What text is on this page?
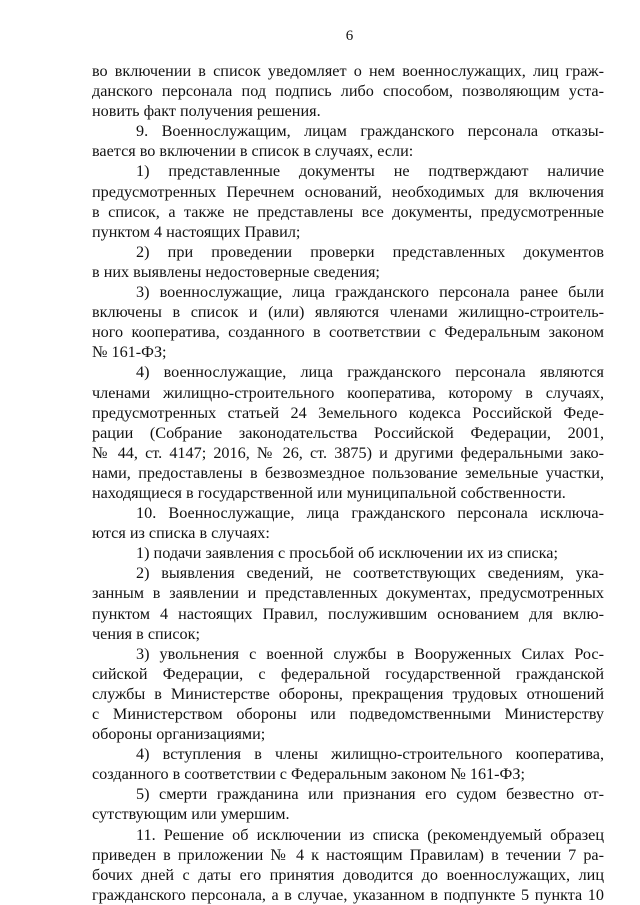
6
во включении в список уведомляет о нем военнослужащих, лиц граж-
данского персонала под подпись либо способом, позволяющим уста-
новить факт получения решения.
9. Военнослужащим, лицам гражданского персонала отказы-
вается во включении в список в случаях, если:
1) представленные документы не подтверждают наличие
предусмотренных Перечнем оснований, необходимых для включения
в список, а также не представлены все документы, предусмотренные
пунктом 4 настоящих Правил;
2) при проведении проверки представленных документов
в них выявлены недостоверные сведения;
3) военнослужащие, лица гражданского персонала ранее были
включены в список и (или) являются членами жилищно-строитель-
ного кооператива, созданного в соответствии с Федеральным законом
№ 161-ФЗ;
4) военнослужащие, лица гражданского персонала являются
членами жилищно-строительного кооператива, которому в случаях,
предусмотренных статьей 24 Земельного кодекса Российской Феде-
рации (Собрание законодательства Российской Федерации, 2001,
№ 44, ст. 4147; 2016, № 26, ст. 3875) и другими федеральными зако-
нами, предоставлены в безвозмездное пользование земельные участки,
находящиеся в государственной или муниципальной собственности.
10. Военнослужащие, лица гражданского персонала исключа-
ются из списка в случаях:
1) подачи заявления с просьбой об исключении их из списка;
2) выявления сведений, не соответствующих сведениям, ука-
занным в заявлении и представленных документах, предусмотренных
пунктом 4 настоящих Правил, послужившим основанием для вклю-
чения в список;
3) увольнения с военной службы в Вооруженных Силах Рос-
сийской Федерации, с федеральной государственной гражданской
службы в Министерстве обороны, прекращения трудовых отношений
с Министерством обороны или подведомственными Министерству
обороны организациями;
4) вступления в члены жилищно-строительного кооператива,
созданного в соответствии с Федеральным законом № 161-ФЗ;
5) смерти гражданина или признания его судом безвестно от-
сутствующим или умершим.
11. Решение об исключении из списка (рекомендуемый образец
приведен в приложении № 4 к настоящим Правилам) в течении 7 ра-
бочих дней с даты его принятия доводится до военнослужащих, лиц
гражданского персонала, а в случае, указанном в подпункте 5 пункта 10
